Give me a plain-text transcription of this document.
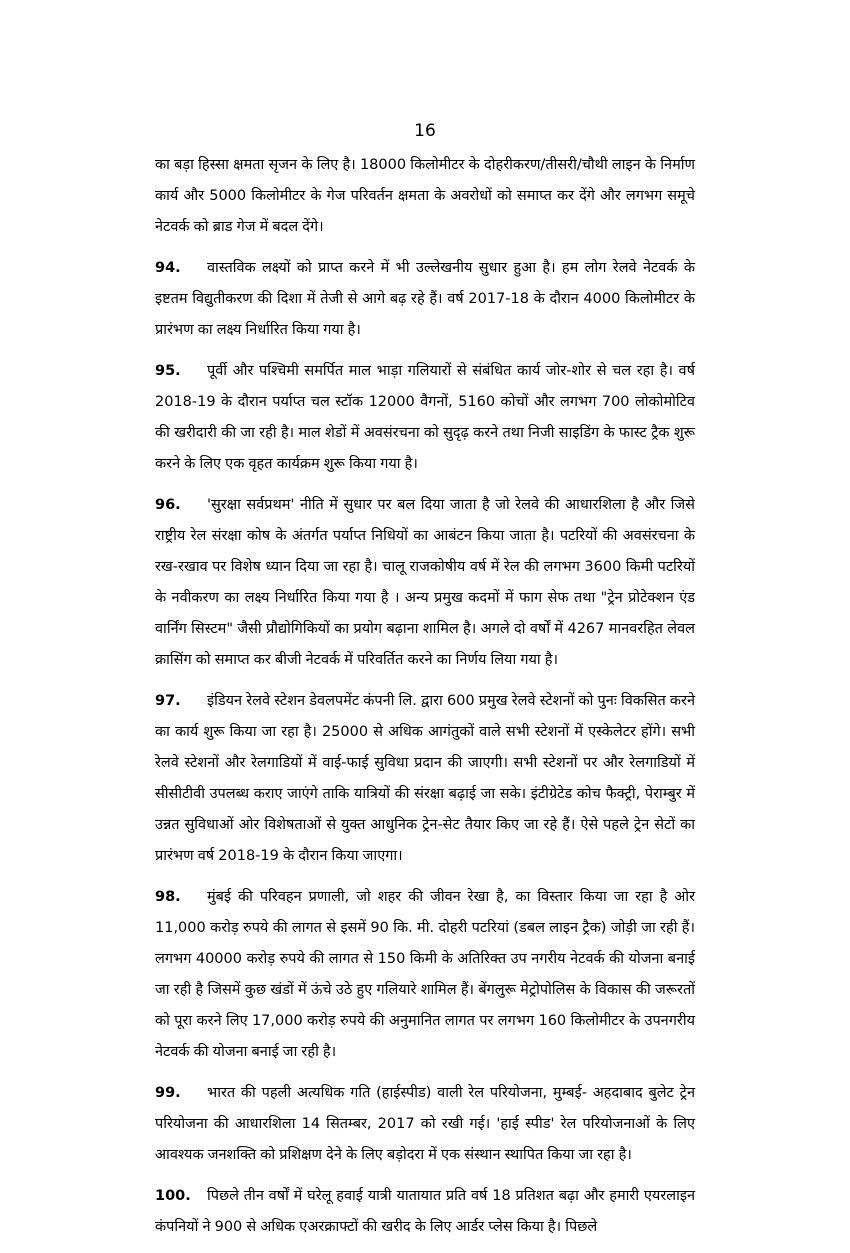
16

का बड़ा हिस्सा क्षमता सृजन के लिए है। 18000 किलोमीटर के दोहरीकरण/तीसरी/चौथी लाइन के निर्माण कार्य और 5000 किलोमीटर के गेज परिवर्तन क्षमता के अवरोधों को समाप्त कर देंगे और लगभग समूचे नेटवर्क को ब्राड गेज में बदल देंगे।

94. वास्तविक लक्ष्यों को प्राप्त करने में भी उल्लेखनीय सुधार हुआ है। हम लोग रेलवे नेटवर्क के इष्टतम विद्युतीकरण की दिशा में तेजी से आगे बढ़ रहे हैं। वर्ष 2017-18 के दौरान 4000 किलोमीटर के प्रारंभण का लक्ष्य निर्धारित किया गया है।

95. पूर्वी और पश्चिमी समर्पित माल भाड़ा गलियारों से संबंधित कार्य जोर-शोर से चल रहा है। वर्ष 2018-19 के दौरान पर्याप्त चल स्टॉक 12000 वैगनों, 5160 कोचों और लगभग 700 लोकोमोटिव की खरीदारी की जा रही है। माल शेडों में अवसंरचना को सुदृढ़ करने तथा निजी साइडिंग के फास्ट ट्रैक शुरू करने के लिए एक वृहत कार्यक्रम शुरू किया गया है।

96. 'सुरक्षा सर्वप्रथम' नीति में सुधार पर बल दिया जाता है जो रेलवे की आधारशिला है और जिसे राष्ट्रीय रेल संरक्षा कोष के अंतर्गत पर्याप्त निधियों का आबंटन किया जाता है। पटरियों की अवसंरचना के रख-रखाव पर विशेष ध्यान दिया जा रहा है। चालू राजकोषीय वर्ष में रेल की लगभग 3600 किमी पटरियों के नवीकरण का लक्ष्य निर्धारित किया गया है । अन्य प्रमुख कदमों में फाग सेफ तथा "ट्रेन प्रोटेक्शन एंड वार्निंग सिस्टम" जैसी प्रौद्योगिकियों का प्रयोग बढ़ाना शामिल है। अगले दो वर्षों में 4267 मानवरहित लेवल क्रासिंग को समाप्त कर बीजी नेटवर्क में परिवर्तित करने का निर्णय लिया गया है।

97. इंडियन रेलवे स्टेशन डेवलपमेंट कंपनी लि. द्वारा 600 प्रमुख रेलवे स्टेशनों को पुनः विकसित करने का कार्य शुरू किया जा रहा है। 25000 से अधिक आगंतुकों वाले सभी स्टेशनों में एस्केलेटर होंगे। सभी रेलवे स्टेशनों और रेलगाडियों में वाई-फाई सुविधा प्रदान की जाएगी। सभी स्टेशनों पर और रेलगाडियों में सीसीटीवी उपलब्ध कराए जाएंगे ताकि यात्रियों की संरक्षा बढ़ाई जा सके। इंटीग्रेटेड कोच फैक्ट्री, पेराम्बुर में उन्नत सुविधाओं ओर विशेषताओं से युक्त आधुनिक ट्रेन-सेट तैयार किए जा रहे हैं। ऐसे पहले ट्रेन सेटों का प्रारंभण वर्ष 2018-19 के दौरान किया जाएगा।

98. मुंबई की परिवहन प्रणाली, जो शहर की जीवन रेखा है, का विस्तार किया जा रहा है ओर 11,000 करोड़ रुपये की लागत से इसमें 90 कि. मी. दोहरी पटरियां (डबल लाइन ट्रैक) जोड़ी जा रही हैं। लगभग 40000 करोड़ रुपये की लागत से 150 किमी के अतिरिक्त उप नगरीय नेटवर्क की योजना बनाई जा रही है जिसमें कुछ खंडों में ऊंचे उठे हुए गलियारे शामिल हैं। बेंगलुरू मेट्रोपोलिस के विकास की जरूरतों को पूरा करने लिए 17,000 करोड़ रुपये की अनुमानित लागत पर लगभग 160 किलोमीटर के उपनगरीय नेटवर्क की योजना बनाई जा रही है।

99. भारत की पहली अत्यधिक गति (हाईस्पीड) वाली रेल परियोजना, मुम्बई- अहदाबाद बुलेट ट्रेन परियोजना की आधारशिला 14 सितम्बर, 2017 को रखी गई। 'हाई स्पीड' रेल परियोजनाओं के लिए आवश्यक जनशक्ति को प्रशिक्षण देने के लिए बड़ोदरा में एक संस्थान स्थापित किया जा रहा है।

100. पिछले तीन वर्षों में घरेलू हवाई यात्री यातायात प्रति वर्ष 18 प्रतिशत बढ़ा और हमारी एयरलाइन कंपनियों ने 900 से अधिक एअरक्राफ्टों की खरीद के लिए आर्डर प्लेस किया है। पिछले
